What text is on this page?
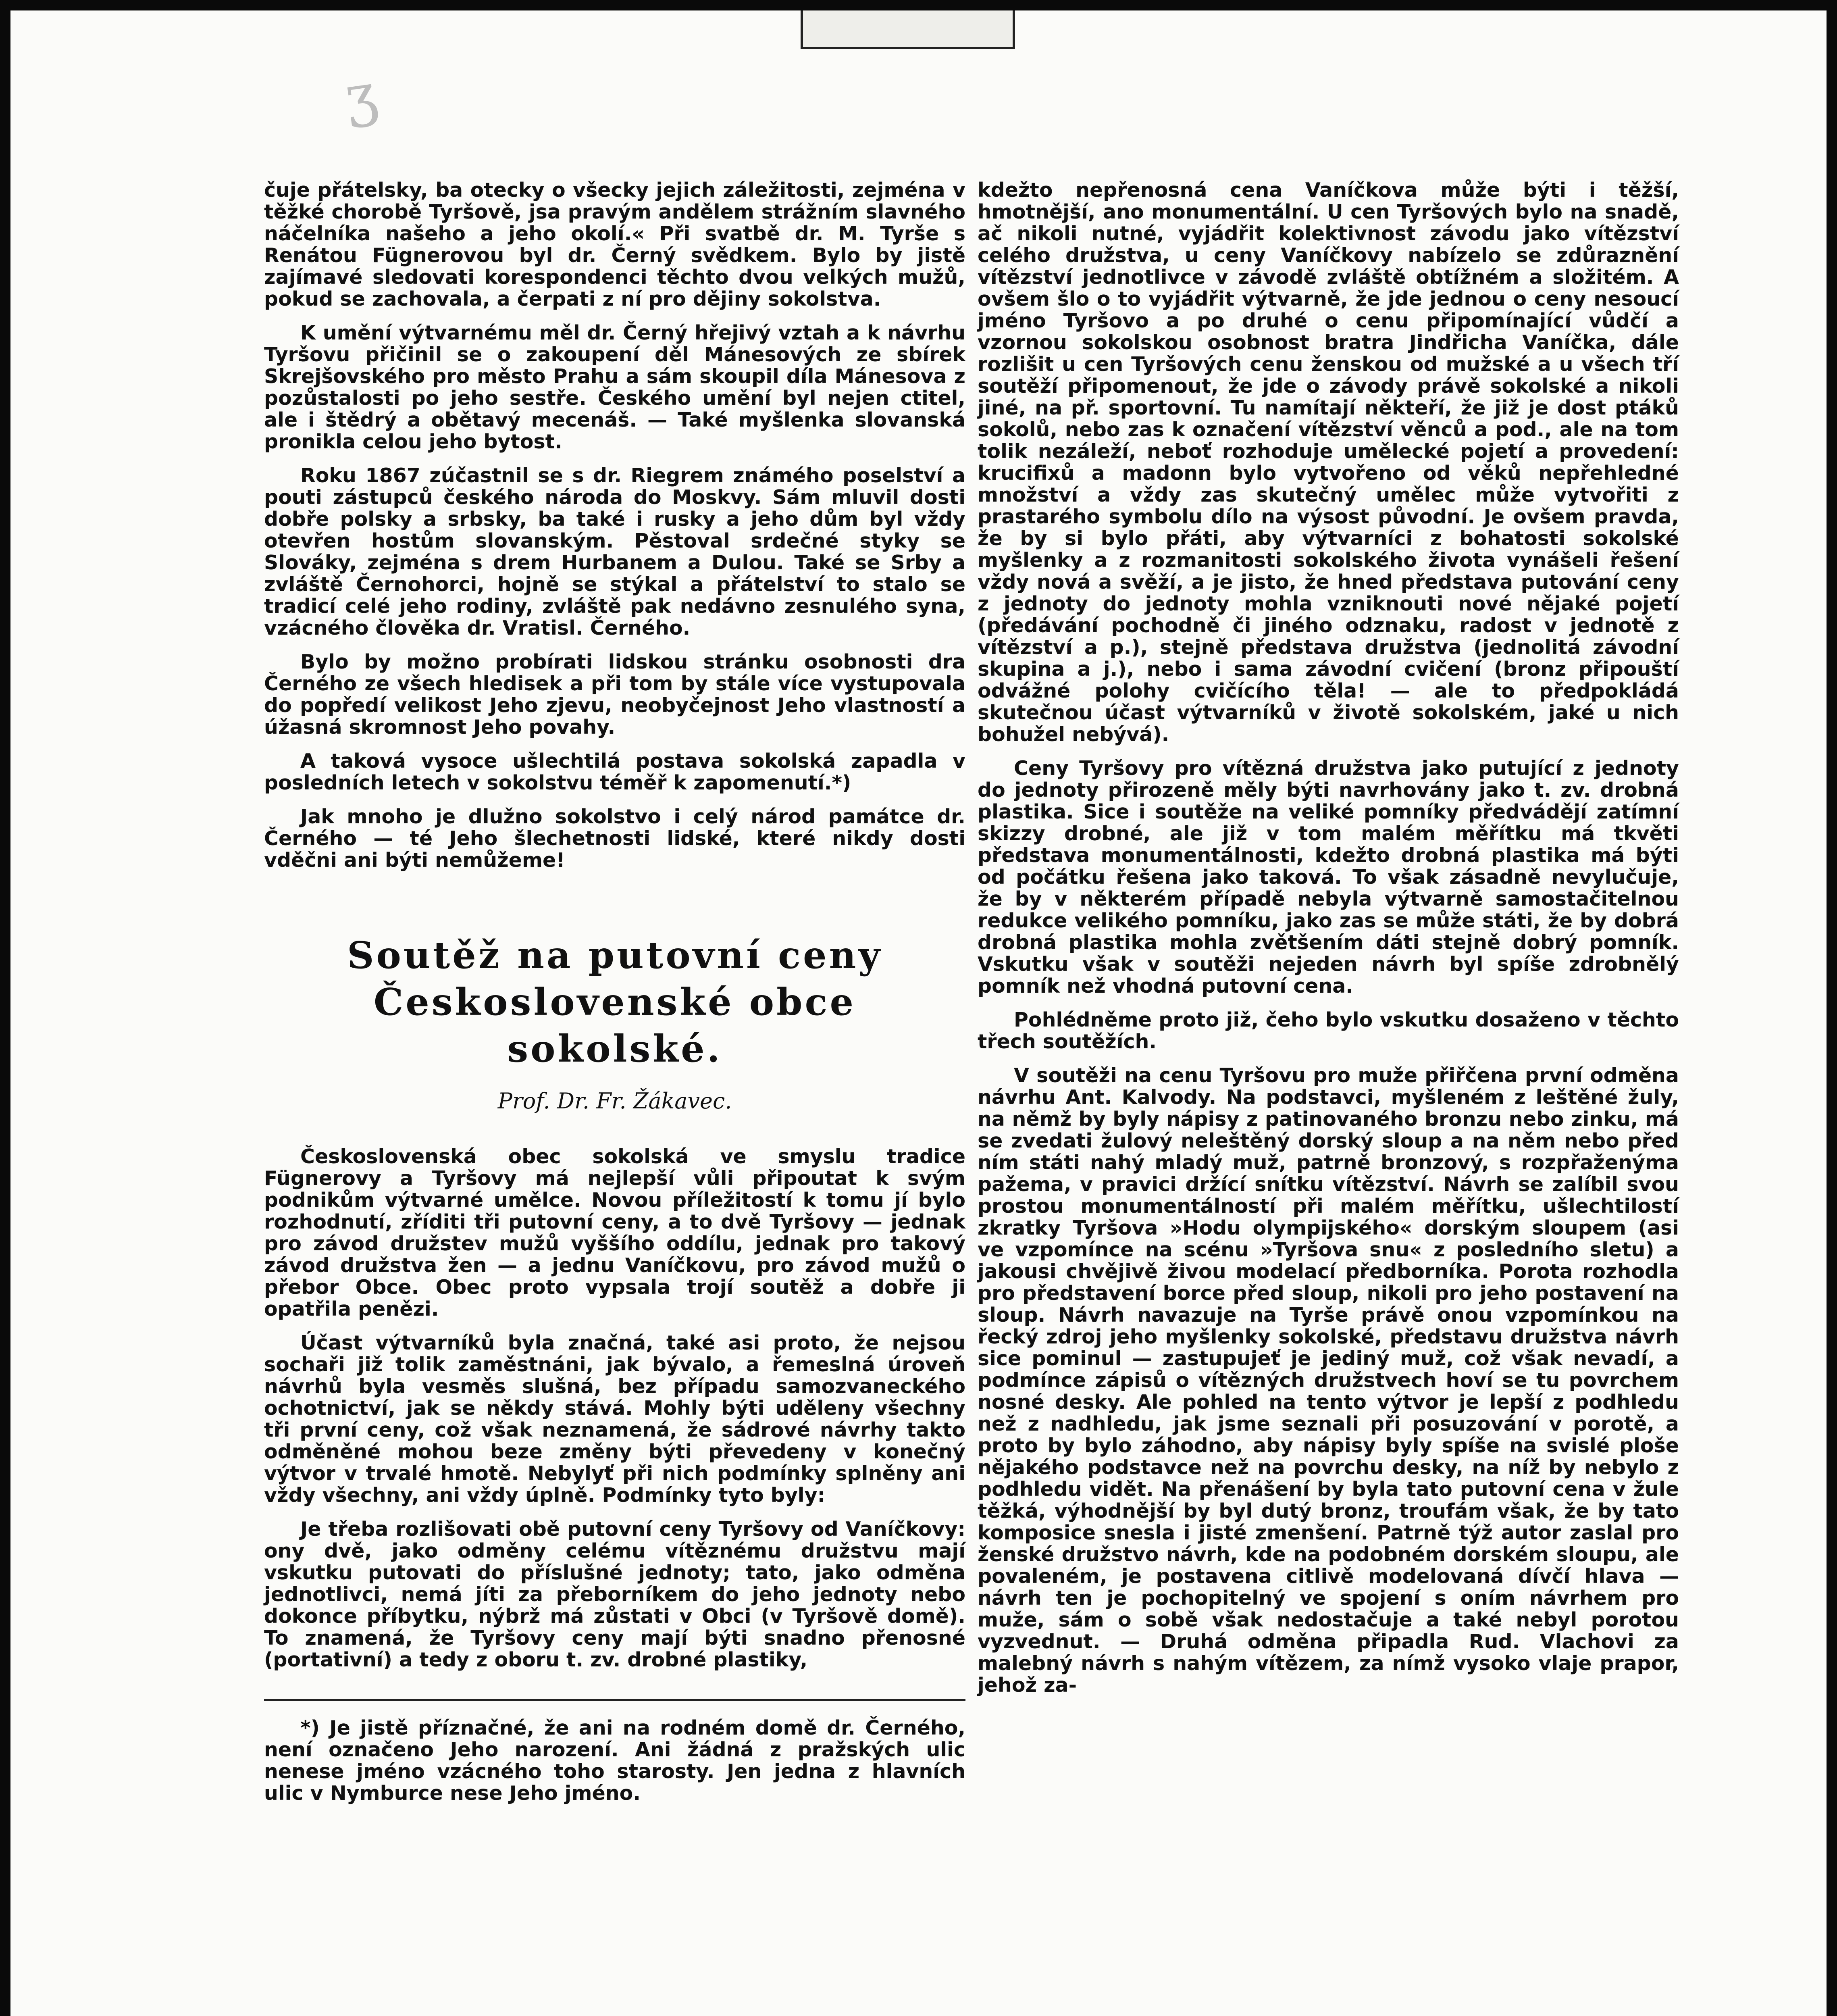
ʒ

čuje přátelsky, ba otecky o všecky jejich záležitosti, zejména v těžké chorobě Tyršově, jsa pravým andělem strážním slavného náčelníka našeho a jeho okolí.« Při svatbě dr. M. Tyrše s Renátou Fügnerovou byl dr. Černý svědkem. Bylo by jistě zajímavé sledovati korespondenci těchto dvou velkých mužů, pokud se zachovala, a čerpati z ní pro dějiny sokolstva.

K umění výtvarnému měl dr. Černý hřejivý vztah a k návrhu Tyršovu přičinil se o zakoupení děl Mánesových ze sbírek Skrejšovského pro město Prahu a sám skoupil díla Mánesova z pozůstalosti po jeho sestře. Českého umění byl nejen ctitel, ale i štědrý a obětavý mecenáš. — Také myšlenka slovanská pronikla celou jeho bytost.

Roku 1867 zúčastnil se s dr. Riegrem známého poselství a pouti zástupců českého národa do Moskvy. Sám mluvil dosti dobře polsky a srbsky, ba také i rusky a jeho dům byl vždy otevřen hostům slovanským. Pěstoval srdečné styky se Slováky, zejména s drem Hurbanem a Dulou. Také se Srby a zvláště Černohorci, hojně se stýkal a přátelství to stalo se tradicí celé jeho rodiny, zvláště pak nedávno zesnulého syna, vzácného člověka dr. Vratisl. Černého.

Bylo by možno probírati lidskou stránku osobnosti dra Černého ze všech hledisek a při tom by stále více vystupovala do popředí velikost Jeho zjevu, neobyčejnost Jeho vlastností a úžasná skromnost Jeho povahy.

A taková vysoce ušlechtilá postava sokolská zapadla v posledních letech v sokolstvu téměř k zapomenutí.*)

Jak mnoho je dlužno sokolstvo i celý národ památce dr. Černého — té Jeho šlechetnosti lidské, které nikdy dosti vděčni ani býti nemůžeme!

Soutěž na putovní ceny Československé obce sokolské.
Prof. Dr. Fr. Žákavec.

Československá obec sokolská ve smyslu tradice Fügnerovy a Tyršovy má nejlepší vůli připoutat k svým podnikům výtvarné umělce. Novou příležitostí k tomu jí bylo rozhodnutí, zříditi tři putovní ceny, a to dvě Tyršovy — jednak pro závod družstev mužů vyššího oddílu, jednak pro takový závod družstva žen — a jednu Vaníčkovu, pro závod mužů o přebor Obce. Obec proto vypsala trojí soutěž a dobře ji opatřila penězi.

Účast výtvarníků byla značná, také asi proto, že nejsou sochaři již tolik zaměstnáni, jak bývalo, a řemeslná úroveň návrhů byla vesměs slušná, bez případu samozvaneckého ochotnictví, jak se někdy stává. Mohly býti uděleny všechny tři první ceny, což však neznamená, že sádrové návrhy takto odměněné mohou beze změny býti převedeny v konečný výtvor v trvalé hmotě. Nebylyť při nich podmínky splněny ani vždy všechny, ani vždy úplně. Podmínky tyto byly:

Je třeba rozlišovati obě putovní ceny Tyršovy od Vaníčkovy: ony dvě, jako odměny celému vítěznému družstvu mají vskutku putovati do příslušné jednoty; tato, jako odměna jednotlivci, nemá jíti za přeborníkem do jeho jednoty nebo dokonce příbytku, nýbrž má zůstati v Obci (v Tyršově domě). To znamená, že Tyršovy ceny mají býti snadno přenosné (portativní) a tedy z oboru t. zv. drobné plastiky,

*) Je jistě příznačné, že ani na rodném domě dr. Černého, není označeno Jeho narození. Ani žádná z pražských ulic nenese jméno vzácného toho starosty. Jen jedna z hlavních ulic v Nymburce nese Jeho jméno.

kdežto nepřenosná cena Vaníčkova může býti i těžší, hmotnější, ano monumentální. U cen Tyršových bylo na snadě, ač nikoli nutné, vyjádřit kolektivnost závodu jako vítězství celého družstva, u ceny Vaníčkovy nabízelo se zdůraznění vítězství jednotlivce v závodě zvláště obtížném a složitém. A ovšem šlo o to vyjádřit výtvarně, že jde jednou o ceny nesoucí jméno Tyršovo a po druhé o cenu připomínající vůdčí a vzornou sokolskou osobnost bratra Jindřicha Vaníčka, dále rozlišit u cen Tyršových cenu ženskou od mužské a u všech tří soutěží připomenout, že jde o závody právě sokolské a nikoli jiné, na př. sportovní. Tu namítají někteří, že již je dost ptáků sokolů, nebo zas k označení vítězství věnců a pod., ale na tom tolik nezáleží, neboť rozhoduje umělecké pojetí a provedení: krucifixů a madonn bylo vytvořeno od věků nepřehledné množství a vždy zas skutečný umělec může vytvořiti z prastarého symbolu dílo na výsost původní. Je ovšem pravda, že by si bylo přáti, aby výtvarníci z bohatosti sokolské myšlenky a z rozmanitosti sokolského života vynášeli řešení vždy nová a svěží, a je jisto, že hned představa putování ceny z jednoty do jednoty mohla vzniknouti nové nějaké pojetí (předávání pochodně či jiného odznaku, radost v jednotě z vítězství a p.), stejně představa družstva (jednolitá závodní skupina a j.), nebo i sama závodní cvičení (bronz připouští odvážné polohy cvičícího těla! — ale to předpokládá skutečnou účast výtvarníků v životě sokolském, jaké u nich bohužel nebývá).

Ceny Tyršovy pro vítězná družstva jako putující z jednoty do jednoty přirozeně měly býti navrhovány jako t. zv. drobná plastika. Sice i soutěže na veliké pomníky předvádějí zatímní skizzy drobné, ale již v tom malém měřítku má tkvěti představa monumentálnosti, kdežto drobná plastika má býti od počátku řešena jako taková. To však zásadně nevylučuje, že by v některém případě nebyla výtvarně samostačitelnou redukce velikého pomníku, jako zas se může státi, že by dobrá drobná plastika mohla zvětšením dáti stejně dobrý pomník. Vskutku však v soutěži nejeden návrh byl spíše zdrobnělý pomník než vhodná putovní cena.

Pohlédněme proto již, čeho bylo vskutku dosaženo v těchto třech soutěžích.

V soutěži na cenu Tyršovu pro muže přiřčena první odměna návrhu Ant. Kalvody. Na podstavci, myšleném z leštěné žuly, na němž by byly nápisy z patinovaného bronzu nebo zinku, má se zvedati žulový neleštěný dorský sloup a na něm nebo před ním státi nahý mladý muž, patrně bronzový, s rozpřaženýma pažema, v pravici držící snítku vítězství. Návrh se zalíbil svou prostou monumentálností při malém měřítku, ušlechtilostí zkratky Tyršova »Hodu olympijského« dorským sloupem (asi ve vzpomínce na scénu »Tyršova snu« z posledního sletu) a jakousi chvějivě živou modelací předborníka. Porota rozhodla pro představení borce před sloup, nikoli pro jeho postavení na sloup. Návrh navazuje na Tyrše právě onou vzpomínkou na řecký zdroj jeho myšlenky sokolské, představu družstva návrh sice pominul — zastupujeť je jediný muž, což však nevadí, a podmínce zápisů o vítězných družstvech hoví se tu povrchem nosné desky. Ale pohled na tento výtvor je lepší z podhledu než z nadhledu, jak jsme seznali při posuzování v porotě, a proto by bylo záhodno, aby nápisy byly spíše na svislé ploše nějakého podstavce než na povrchu desky, na níž by nebylo z podhledu vidět. Na přenášení by byla tato putovní cena v žule těžká, výhodnější by byl dutý bronz, troufám však, že by tato komposice snesla i jisté zmenšení. Patrně týž autor zaslal pro ženské družstvo návrh, kde na podobném dorském sloupu, ale povaleném, je postavena citlivě modelovaná dívčí hlava — návrh ten je pochopitelný ve spojení s oním návrhem pro muže, sám o sobě však nedostačuje a také nebyl porotou vyzvednut. — Druhá odměna připadla Rud. Vlachovi za malebný návrh s nahým vítězem, za nímž vysoko vlaje prapor, jehož za-
